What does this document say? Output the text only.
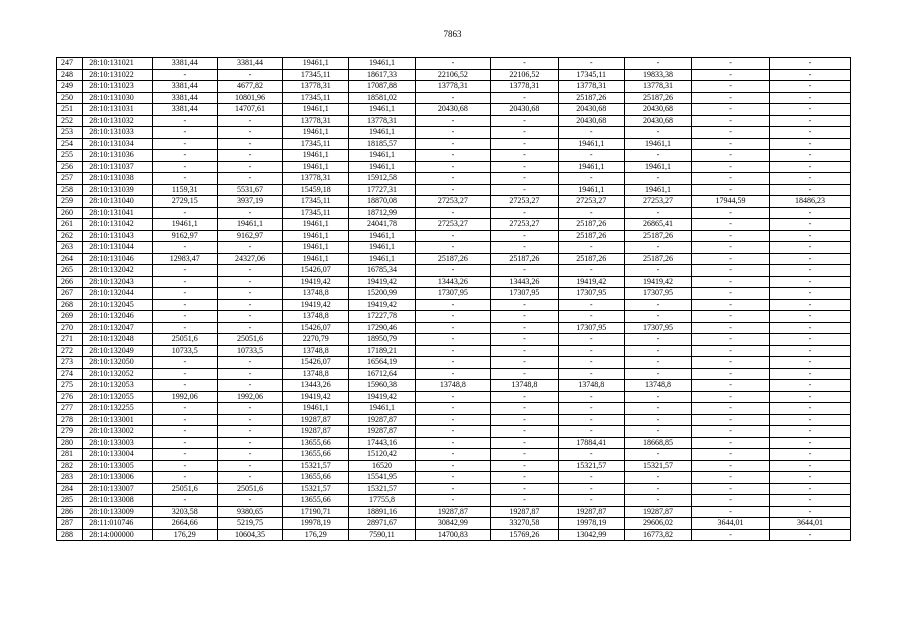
7863
247	28:10:131021	3381,44	3381,44	19461,1	19461,1	-	-	-	-	-	-
248	28:10:131022	-	-	17345,11	18617,33	22106,52	22106,52	17345,11	19833,38	-	-
249	28:10:131023	3381,44	4677,82	13778,31	17087,88	13778,31	13778,31	13778,31	13778,31	-	-
250	28:10:131030	3381,44	10801,96	17345,11	18581,02	-	-	25187,26	25187,26	-	-
251	28:10:131031	3381,44	14707,61	19461,1	19461,1	20430,68	20430,68	20430,68	20430,68	-	-
252	28:10:131032	-	-	13778,31	13778,31	-	-	20430,68	20430,68	-	-
253	28:10:131033	-	-	19461,1	19461,1	-	-	-	-	-	-
254	28:10:131034	-	-	17345,11	18185,57	-	-	19461,1	19461,1	-	-
255	28:10:131036	-	-	19461,1	19461,1	-	-	-	-	-	-
256	28:10:131037	-	-	19461,1	19461,1	-	-	19461,1	19461,1	-	-
257	28:10:131038	-	-	13778,31	15912,58	-	-	-	-	-	-
258	28:10:131039	1159,31	5531,67	15459,18	17727,31	-	-	19461,1	19461,1	-	-
259	28:10:131040	2729,15	3937,19	17345,11	18870,08	27253,27	27253,27	27253,27	27253,27	17944,59	18486,23
260	28:10:131041	-	-	17345,11	18712,99	-	-	-	-	-	-
261	28:10:131042	19461,1	19461,1	19461,1	24041,78	27253,27	27253,27	25187,26	26865,41	-	-
262	28:10:131043	9162,97	9162,97	19461,1	19461,1	-	-	25187,26	25187,26	-	-
263	28:10:131044	-	-	19461,1	19461,1	-	-	-	-	-	-
264	28:10:131046	12983,47	24327,06	19461,1	19461,1	25187,26	25187,26	25187,26	25187,26	-	-
265	28:10:132042	-	-	15426,07	16785,34	-	-	-	-	-	-
266	28:10:132043	-	-	19419,42	19419,42	13443,26	13443,26	19419,42	19419,42	-	-
267	28:10:132044	-	-	13748,8	15200,99	17307,95	17307,95	17307,95	17307,95	-	-
268	28:10:132045	-	-	19419,42	19419,42	-	-	-	-	-	-
269	28:10:132046	-	-	13748,8	17227,78	-	-	-	-	-	-
270	28:10:132047	-	-	15426,07	17290,46	-	-	17307,95	17307,95	-	-
271	28:10:132048	25051,6	25051,6	2270,79	18950,79	-	-	-	-	-	-
272	28:10:132049	10733,5	10733,5	13748,8	17189,21	-	-	-	-	-	-
273	28:10:132050	-	-	15426,07	16564,19	-	-	-	-	-	-
274	28:10:132052	-	-	13748,8	16712,64	-	-	-	-	-	-
275	28:10:132053	-	-	13443,26	15960,38	13748,8	13748,8	13748,8	13748,8	-	-
276	28:10:132055	1992,06	1992,06	19419,42	19419,42	-	-	-	-	-	-
277	28:10:132255	-	-	19461,1	19461,1	-	-	-	-	-	-
278	28:10:133001	-	-	19287,87	19287,87	-	-	-	-	-	-
279	28:10:133002	-	-	19287,87	19287,87	-	-	-	-	-	-
280	28:10:133003	-	-	13655,66	17443,16	-	-	17884,41	18668,85	-	-
281	28:10:133004	-	-	13655,66	15120,42	-	-	-	-	-	-
282	28:10:133005	-	-	15321,57	16520	-	-	15321,57	15321,57	-	-
283	28:10:133006	-	-	13655,66	15541,95	-	-	-	-	-	-
284	28:10:133007	25051,6	25051,6	15321,57	15321,57	-	-	-	-	-	-
285	28:10:133008	-	-	13655,66	17755,8	-	-	-	-	-	-
286	28:10:133009	3203,58	9380,65	17190,71	18891,16	19287,87	19287,87	19287,87	19287,87	-	-
287	28:11:010746	2664,66	5219,75	19978,19	28971,67	30842,99	33270,58	19978,19	29606,02	3644,01	3644,01
288	28:14:000000	176,29	10604,35	176,29	7590,11	14700,83	15769,26	13042,99	16773,82	-	-
